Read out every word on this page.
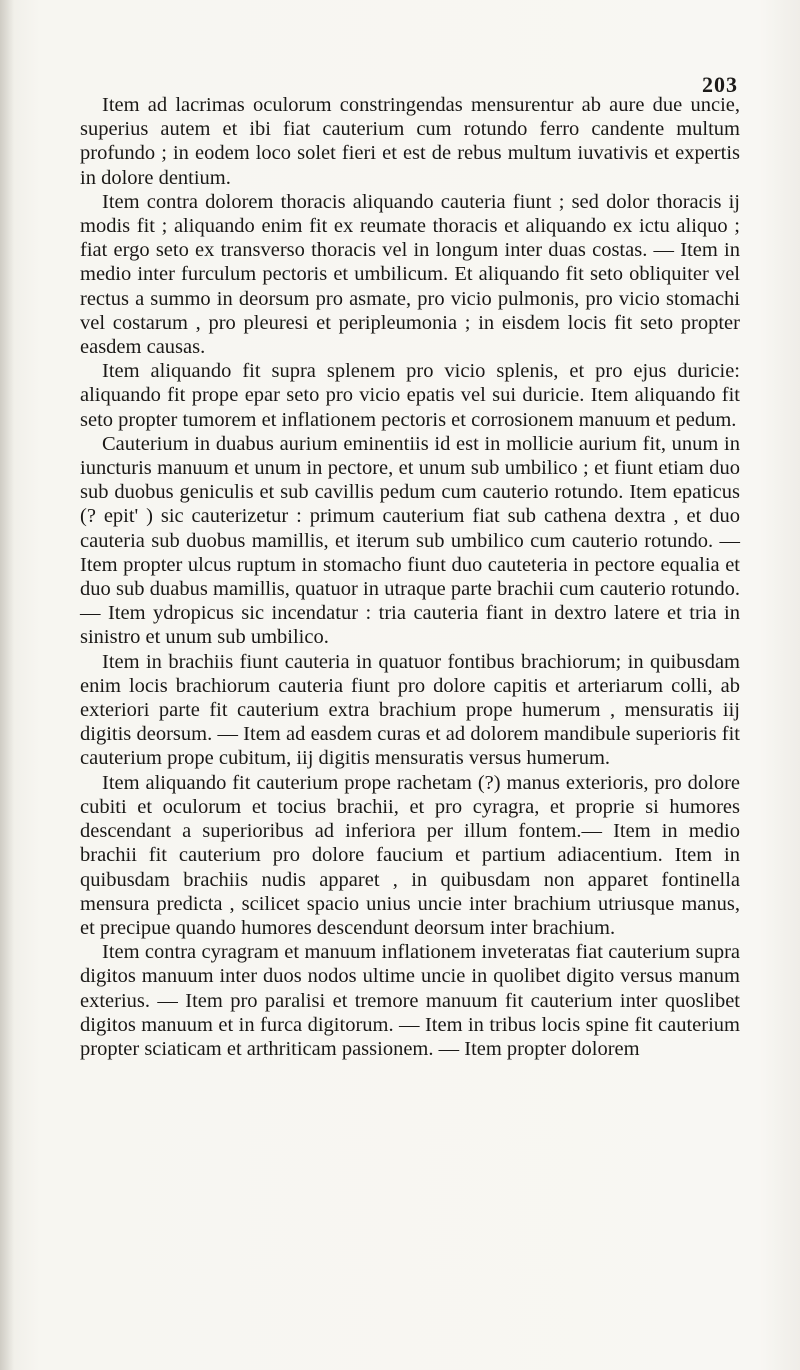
203

Item ad lacrimas oculorum constringendas mensurentur ab aure due uncie, superius autem et ibi fiat cauterium cum rotundo ferro candente multum profundo ; in eodem loco solet fieri et est de rebus multum iuvativis et expertis in dolore dentium.

Item contra dolorem thoracis aliquando cauteria fiunt ; sed dolor thoracis ij modis fit ; aliquando enim fit ex reumate thoracis et aliquando ex ictu aliquo ; fiat ergo seto ex transverso thoracis vel in longum inter duas costas. — Item in medio inter furculum pectoris et umbilicum. Et aliquando fit seto obliquiter vel rectus a summo in deorsum pro asmate, pro vicio pulmonis, pro vicio stomachi vel costarum , pro pleuresi et peripleumonia ; in eisdem locis fit seto propter easdem causas.

Item aliquando fit supra splenem pro vicio splenis, et pro ejus duricie: aliquando fit prope epar seto pro vicio epatis vel sui duricie. Item aliquando fit seto propter tumorem et inflationem pectoris et corrosionem manuum et pedum.

Cauterium in duabus aurium eminentiis id est in mollicie aurium fit, unum in iuncturis manuum et unum in pectore, et unum sub umbilico ; et fiunt etiam duo sub duobus geniculis et sub cavillis pedum cum cauterio rotundo. Item epaticus (? epit' ) sic cauterizetur : primum cauterium fiat sub cathena dextra , et duo cauteria sub duobus mamillis, et iterum sub umbilico cum cauterio rotundo. — Item propter ulcus ruptum in stomacho fiunt duo cauteteria in pectore equalia et duo sub duabus mamillis, quatuor in utraque parte brachii cum cauterio rotundo. — Item ydropicus sic incendatur : tria cauteria fiant in dextro latere et tria in sinistro et unum sub umbilico.

Item in brachiis fiunt cauteria in quatuor fontibus brachiorum; in quibusdam enim locis brachiorum cauteria fiunt pro dolore capitis et arteriarum colli, ab exteriori parte fit cauterium extra brachium prope humerum , mensuratis iij digitis deorsum. — Item ad easdem curas et ad dolorem mandibule superioris fit cauterium prope cubitum, iij digitis mensuratis versus humerum.

Item aliquando fit cauterium prope rachetam (?) manus exterioris, pro dolore cubiti et oculorum et tocius brachii, et pro cyragra, et proprie si humores descendant a superioribus ad inferiora per illum fontem.— Item in medio brachii fit cauterium pro dolore faucium et partium adiacentium. Item in quibusdam brachiis nudis apparet , in quibusdam non apparet fontinella mensura predicta , scilicet spacio unius uncie inter brachium utriusque manus, et precipue quando humores descendunt deorsum inter brachium.

Item contra cyragram et manuum inflationem inveteratas fiat cauterium supra digitos manuum inter duos nodos ultime uncie in quolibet digito versus manum exterius. — Item pro paralisi et tremore manuum fit cauterium inter quoslibet digitos manuum et in furca digitorum. — Item in tribus locis spine fit cauterium propter sciaticam et arthriticam passionem. — Item propter dolorem
